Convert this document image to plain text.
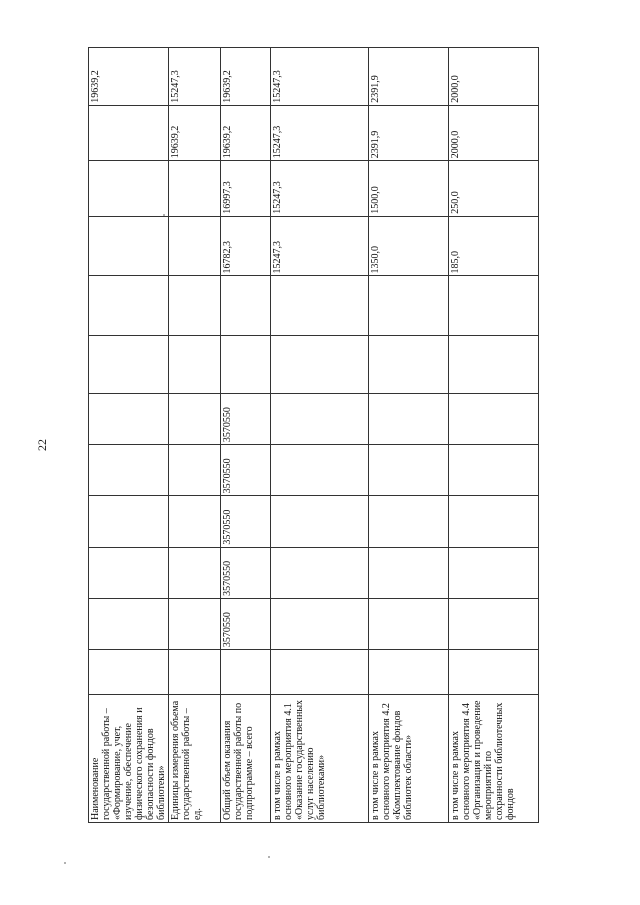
22
Наименование государственной работы – «Формирование, учет, изучение, обеспечение физического сохранения и безопасности фондов библиотеки»												19639,2
Единицы измерения объема государственной работы – ед.											19639,2	15247,3
Общий объем оказания государственной работы по подпрограмме – всего		3570550	3570550	3570550	3570550	3570550			16782,3	16997,3	19639,2	19639,2
в том числе в рамках основного мероприятия 4.1 «Оказание государственных услуг населению библиотеками»									15247,3	15247,3	15247,3	15247,3
в том числе в рамках основного мероприятия 4.2 «Комплектование фондов библиотек области»									1350,0	1500,0	2391,9	2391,9
в том числе в рамках основного мероприятия 4.4 «Организация и проведение мероприятий по сохранности библиотечных фондов									185,0	250,0	2000,0	2000,0
